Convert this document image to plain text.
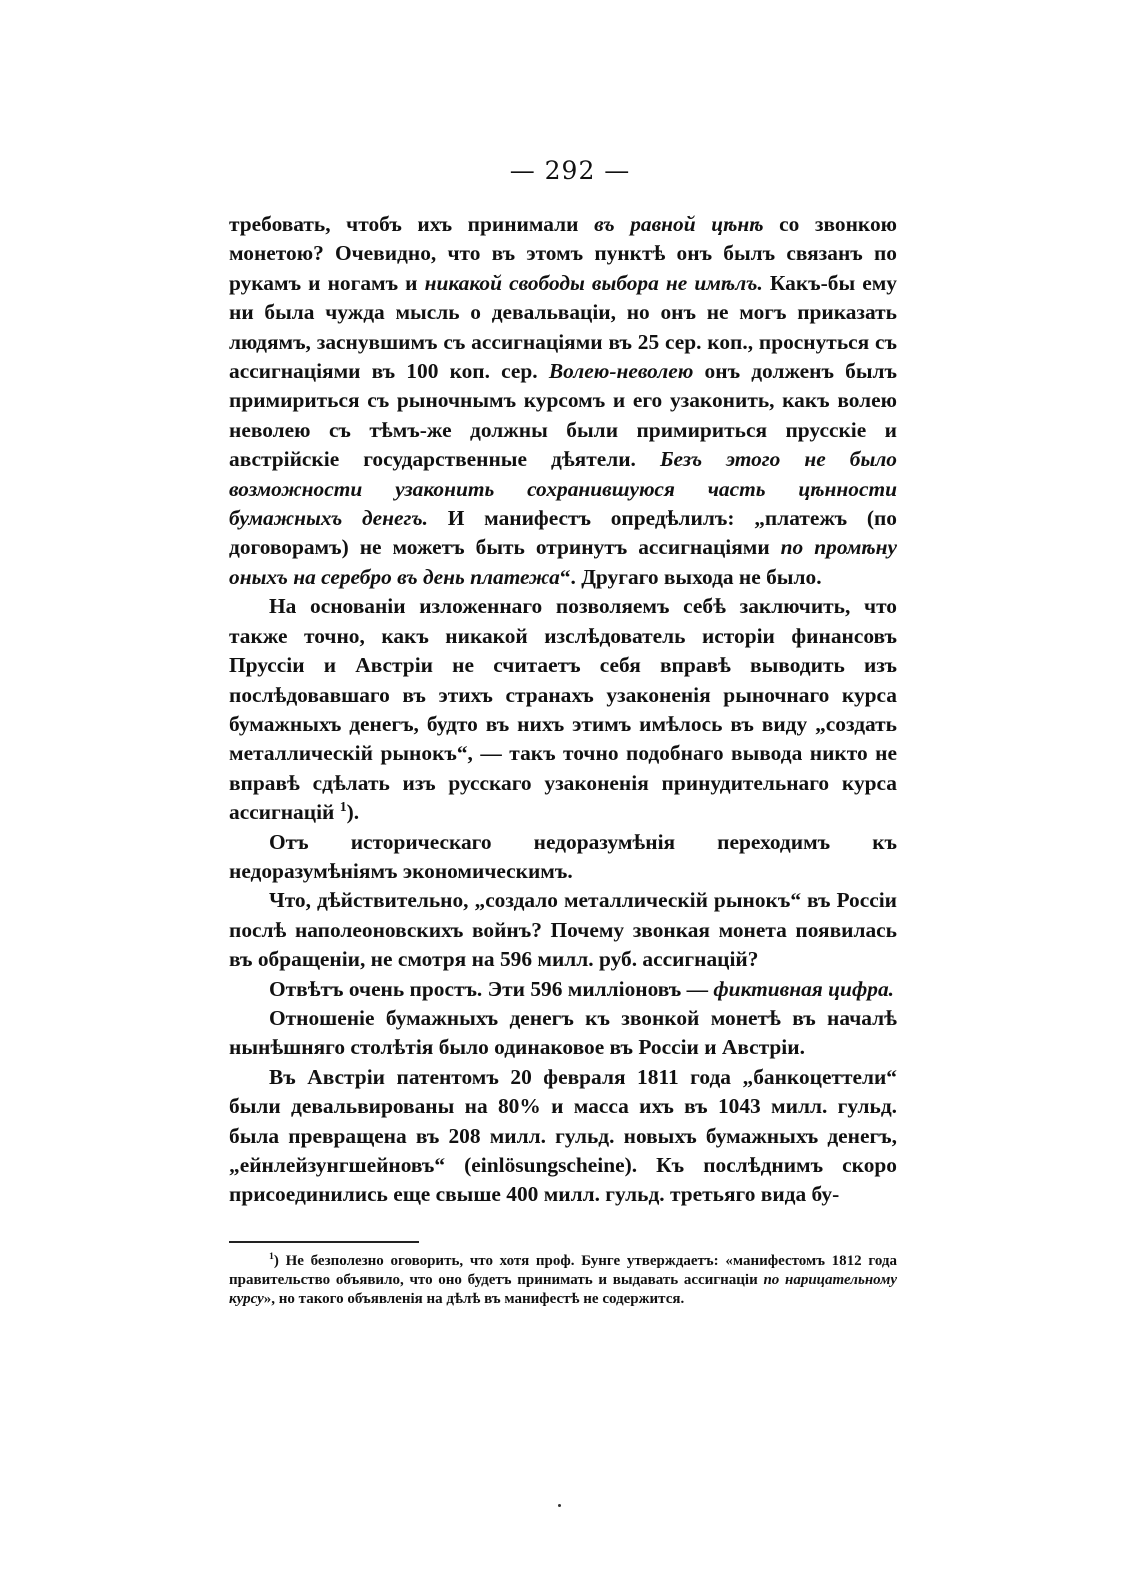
— 292 —

требовать, чтобъ ихъ принимали въ равной цѣнѣ со звонкою монетою? Очевидно, что въ этомъ пунктѣ онъ былъ связанъ по рукамъ и ногамъ и никакой свободы выбора не имѣлъ. Какъ-бы ему ни была чужда мысль о девальваціи, но онъ не могъ приказать людямъ, заснувшимъ съ ассигнаціями въ 25 сер. коп., проснуться съ ассигнаціями въ 100 коп. сер. Волею-неволею онъ долженъ былъ примириться съ рыночнымъ курсомъ и его узаконить, какъ волею неволею съ тѣмъ-же должны были примириться прусскіе и австрійскіе государственные дѣятели. Безъ этого не было возможности узаконить сохранившуюся часть цѣнности бумажныхъ денегъ. И манифестъ опредѣлилъ: „платежъ (по договорамъ) не можетъ быть отринутъ ассигнаціями по промѣну оныхъ на серебро въ день платежа“. Другаго выхода не было.

На основаніи изложеннаго позволяемъ себѣ заключить, что также точно, какъ никакой изслѣдователь исторіи финансовъ Пруссіи и Австріи не считаетъ себя вправѣ выводить изъ послѣдовавшаго въ этихъ странахъ узаконенія рыночнаго курса бумажныхъ денегъ, будто въ нихъ этимъ имѣлось въ виду „создать металлическій рынокъ“, — такъ точно подобнаго вывода никто не вправѣ сдѣлать изъ русскаго узаконенія принудительнаго курса ассигнацій $^1$).

Отъ историческаго недоразумѣнія переходимъ къ недоразумѣніямъ экономическимъ.

Что, дѣйствительно, „создало металлическій рынокъ“ въ Россіи послѣ наполеоновскихъ войнъ? Почему звонкая монета появилась въ обращеніи, не смотря на 596 милл. руб. ассигнацій?

Отвѣтъ очень простъ. Эти 596 милліоновъ — фиктивная цифра.

Отношеніе бумажныхъ денегъ къ звонкой монетѣ въ началѣ нынѣшняго столѣтія было одинаковое въ Россіи и Австріи.

Въ Австріи патентомъ 20 февраля 1811 года „банкоцеттели“ были девальвированы на 80% и масса ихъ въ 1043 милл. гульд. была превращена въ 208 милл. гульд. новыхъ бумажныхъ денегъ, „ейнлейзунгшейновъ“ (einlösungscheine). Къ послѣднимъ скоро присоединились еще свыше 400 милл. гульд. третьяго вида бу-

$^1$) Не безполезно оговорить, что хотя проф. Бунге утверждаетъ: «манифестомъ 1812 года правительство объявило, что оно будетъ принимать и выдавать ассигнаціи по нарицательному курсу», но такого объявленія на дѣлѣ въ манифестѣ не содержится.
